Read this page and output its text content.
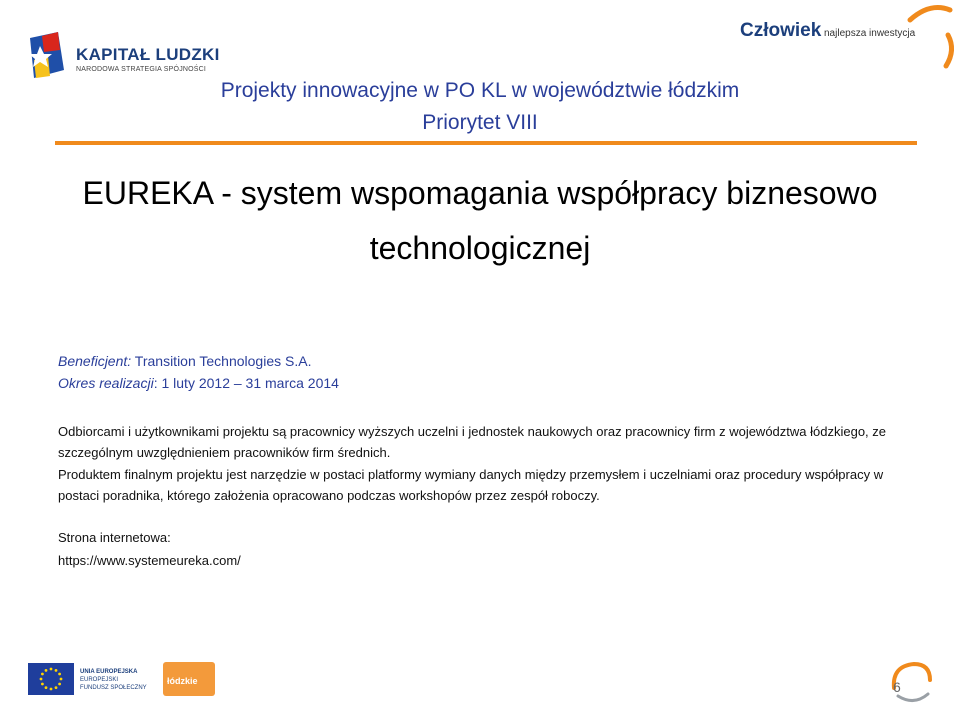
KAPITAŁ LUDZKI
NARODOWA STRATEGIA SPÓJNOŚCI
Człowiek najlepsza inwestycja
Projekty innowacyjne w PO KL w województwie łódzkim
Priorytet VIII
EUREKA - system wspomagania współpracy biznesowo
technologicznej
Beneficjent: Transition Technologies S.A.
Okres realizacji: 1 luty 2012 – 31 marca 2014
Odbiorcami i użytkownikami projektu są pracownicy wyższych uczelni i jednostek naukowych oraz pracownicy firm z województwa łódzkiego, ze szczególnym uwzględnieniem pracowników firm średnich.
Produktem finalnym projektu jest narzędzie w postaci platformy wymiany danych między przemysłem i uczelniami oraz procedury współpracy w postaci poradnika, którego założenia opracowano podczas workshopów przez zespół roboczy.
Strona internetowa:
https://www.systemeureka.com/
UNIA EUROPEJSKA
EUROPEJSKI
FUNDUSZ SPOŁECZNY
łódzkie	6
